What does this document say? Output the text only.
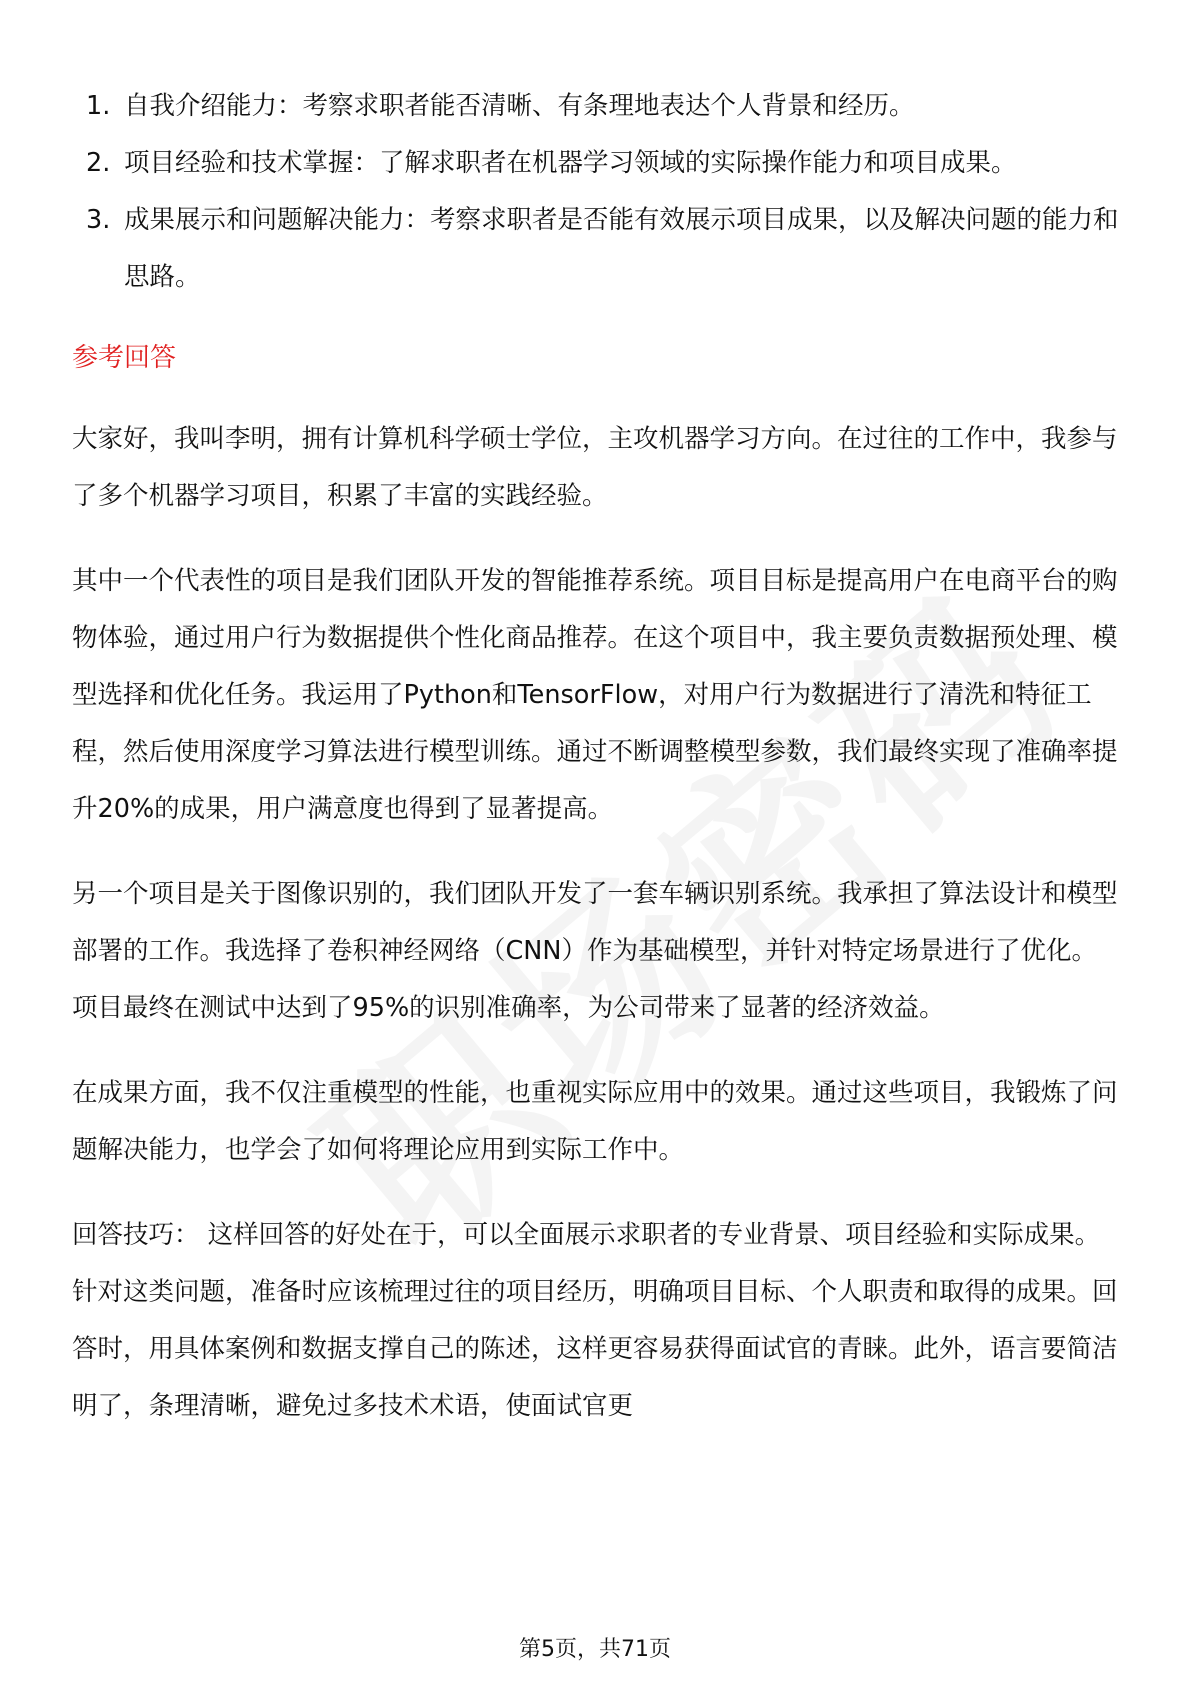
1. 自我介绍能力：考察求职者能否清晰、有条理地表达个人背景和经历。
2. 项目经验和技术掌握：了解求职者在机器学习领域的实际操作能力和项目成果。
3. 成果展示和问题解决能力：考察求职者是否能有效展示项目成果，以及解决问题的能力和思路。
参考回答

大家好，我叫李明，拥有计算机科学硕士学位，主攻机器学习方向。在过往的工作中，我参与了多个机器学习项目，积累了丰富的实践经验。

其中一个代表性的项目是我们团队开发的智能推荐系统。项目目标是提高用户在电商平台的购物体验，通过用户行为数据提供个性化商品推荐。在这个项目中，我主要负责数据预处理、模型选择和优化任务。我运用了Python和TensorFlow，对用户行为数据进行了清洗和特征工程，然后使用深度学习算法进行模型训练。通过不断调整模型参数，我们最终实现了准确率提升20%的成果，用户满意度也得到了显著提高。

另一个项目是关于图像识别的，我们团队开发了一套车辆识别系统。我承担了算法设计和模型部署的工作。我选择了卷积神经网络（CNN）作为基础模型，并针对特定场景进行了优化。项目最终在测试中达到了95%的识别准确率，为公司带来了显著的经济效益。

在成果方面，我不仅注重模型的性能，也重视实际应用中的效果。通过这些项目，我锻炼了问题解决能力，也学会了如何将理论应用到实际工作中。

回答技巧： 这样回答的好处在于，可以全面展示求职者的专业背景、项目经验和实际成果。针对这类问题，准备时应该梳理过往的项目经历，明确项目目标、个人职责和取得的成果。回答时，用具体案例和数据支撑自己的陈述，这样更容易获得面试官的青睐。此外，语言要简洁明了，条理清晰，避免过多技术术语，使面试官更

第5页，共71页
